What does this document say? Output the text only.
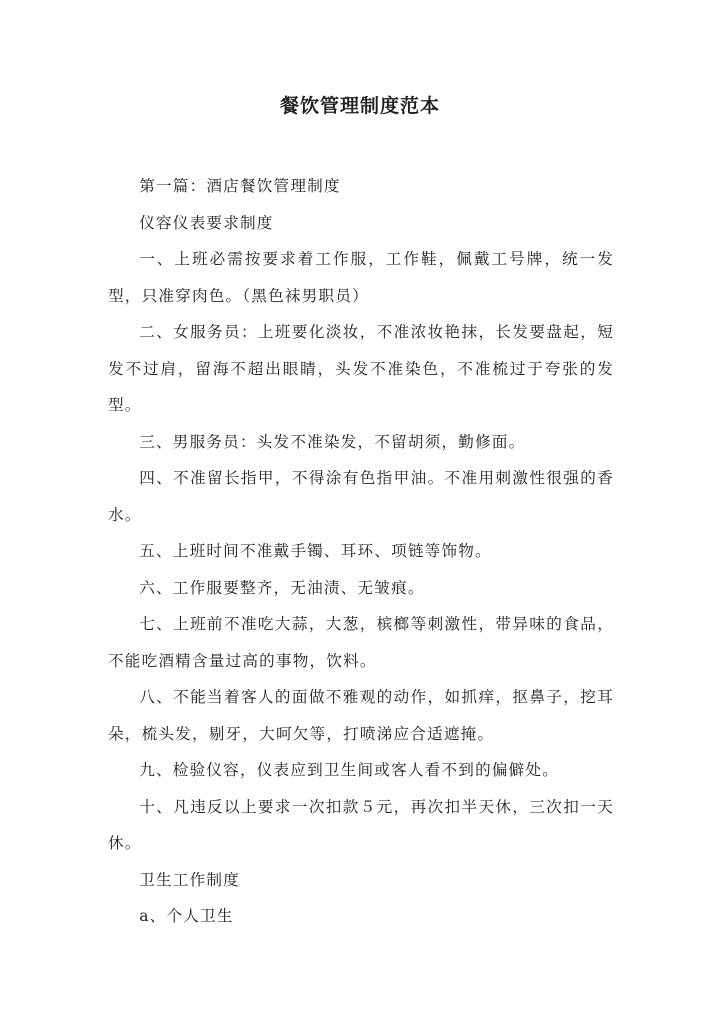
餐饮管理制度范本

第一篇：酒店餐饮管理制度

仪容仪表要求制度

一、上班必需按要求着工作服，工作鞋，佩戴工号牌，统一发型，只准穿肉色。（黑色袜男职员）

二、女服务员：上班要化淡妆，不准浓妆艳抹，长发要盘起，短发不过肩，留海不超出眼睛，头发不准染色，不准梳过于夸张的发型。

三、男服务员：头发不准染发，不留胡须，勤修面。

四、不准留长指甲，不得涂有色指甲油。不准用刺激性很强的香水。

五、上班时间不准戴手镯、耳环、项链等饰物。

六、工作服要整齐，无油渍、无皱痕。

七、上班前不准吃大蒜，大葱，槟榔等刺激性，带异味的食品，不能吃酒精含量过高的事物，饮料。

八、不能当着客人的面做不雅观的动作，如抓痒，抠鼻子，挖耳朵，梳头发，剔牙，大呵欠等，打喷涕应合适遮掩。

九、检验仪容，仪表应到卫生间或客人看不到的偏僻处。

十、凡违反以上要求一次扣款５元，再次扣半天休，三次扣一天休。

卫生工作制度

a、个人卫生
